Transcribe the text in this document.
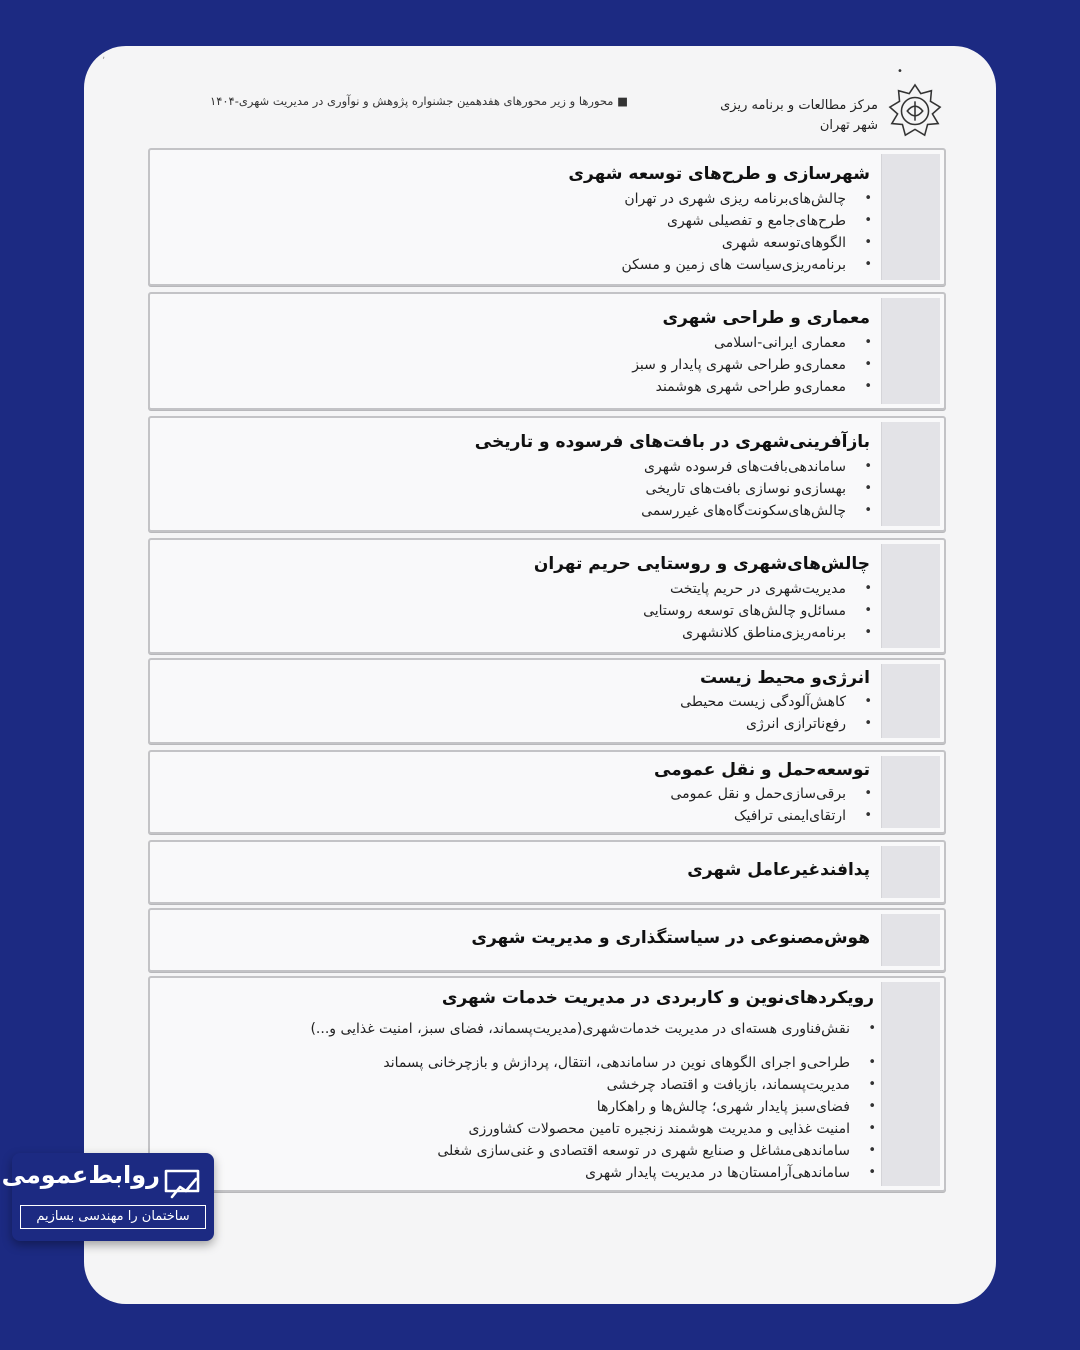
٬
•
مرکز مطالعات و برنامه ریزی
شهر تهران
■ محورها و زیر محورهای هفدهمین جشنواره پژوهش و نوآوری در مدیریت شهری-۱۴۰۴
شهرسازی و طرح‌های توسعه شهری
چالش‌های‌برنامه ریزی شهری در تهران •
طرح‌های‌جامع و تفصیلی شهری •
الگوهای‌توسعه شهری •
برنامه‌ریزی‌سیاست های زمین و مسکن •
معماری و طراحی شهری
معماری ایرانی-اسلامی •
معماری‌و طراحی شهری پایدار و سبز •
معماری‌و طراحی شهری هوشمند •
بازآفرینی‌شهری در بافت‌های فرسوده و تاریخی
ساماندهی‌بافت‌های فرسوده شهری •
بهسازی‌و نوسازی بافت‌های تاریخی •
چالش‌های‌سکونت‌گاه‌های غیررسمی •
چالش‌های‌شهری و روستایی حریم تهران
مدیریت‌شهری در حریم پایتخت •
مسائل‌و چالش‌های توسعه روستایی •
برنامه‌ریزی‌مناطق کلانشهری •
انرژی‌و محیط زیست
کاهش‌آلودگی زیست محیطی •
رفع‌ناترازی انرژی •
توسعه‌حمل و نقل عمومی
برقی‌سازی‌حمل و نقل عمومی •
ارتقای‌ایمنی ترافیک •
پدافندغیرعامل شهری
هوش‌مصنوعی در سیاستگذاری و مدیریت شهری
رویکردهای‌نوین و کاربردی در مدیریت خدمات شهری
نقش‌فناوری هسته‌ای در مدیریت خدمات‌شهری(مدیریت‌پسماند، فضای سبز، امنیت غذایی و...) •
طراحی‌و اجرای الگوهای نوین در ساماندهی، انتقال، پردازش و بازچرخانی پسماند •
مدیریت‌پسماند، بازیافت و اقتصاد چرخشی •
فضای‌سبز پایدار شهری؛ چالش‌ها و راهکارها •
امنیت غذایی و مدیریت هوشمند زنجیره تامین محصولات کشاورزی •
ساماندهی‌مشاغل و صنایع شهری در توسعه اقتصادی و غنی‌سازی شغلی •
ساماندهی‌آرامستان‌ها در مدیریت پایدار شهری •
روابط‌عمومی
ساختمان را مهندسی بسازیم
